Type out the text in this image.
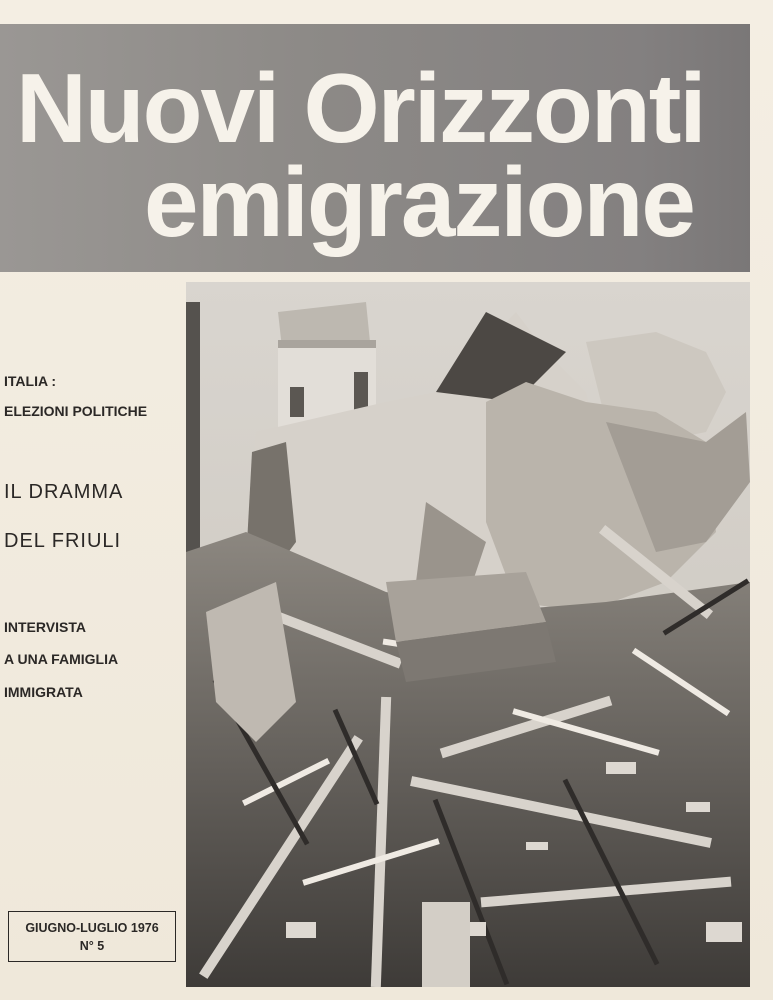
Nuovi Orizzonti
emigrazione
ITALIA :
ELEZIONI POLITICHE
IL DRAMMA
DEL FRIULI
INTERVISTA
A UNA FAMIGLIA
IMMIGRATA
GIUGNO-LUGLIO 1976
N° 5
